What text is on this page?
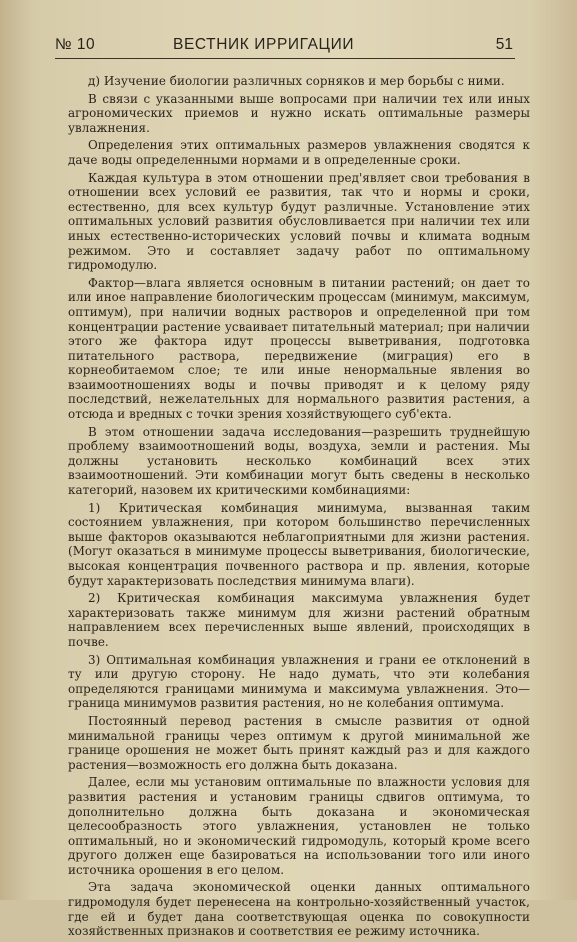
№ 10	ВЕСТНИК ИРРИГАЦИИ	51

д) Изучение биологии различных сорняков и мер борьбы с ними.

В связи с указанными выше вопросами при наличии тех или иных агрономических приемов и нужно искать оптимальные размеры увлажнения.

Определения этих оптимальных размеров увлажнения сводятся к даче воды определенными нормами и в определенные сроки.

Каждая культура в этом отношении пред'являет свои требования в отношении всех условий ее развития, так что и нормы и сроки, естественно, для всех культур будут различные. Установление этих оптимальных условий развития обусловливается при наличии тех или иных естественно-исторических условий почвы и климата водным режимом. Это и составляет задачу работ по оптимальному гидромодулю.

Фактор—влага является основным в питании растений; он дает то или иное направление биологическим процессам (минимум, максимум, оптимум), при наличии водных растворов и определенной при том концентрации растение усваивает питательный материал; при наличии этого же фактора идут процессы выветривания, подготовка питательного раствора, передвижение (миграция) его в корнеобитаемом слое; те или иные ненормальные явления во взаимоотношениях воды и почвы приводят и к целому ряду последствий, нежелательных для нормального развития растения, а отсюда и вредных с точки зрения хозяйствующего суб'екта.

В этом отношении задача исследования—разрешить труднейшую проблему взаимоотношений воды, воздуха, земли и растения. Мы должны установить несколько комбинаций всех этих взаимоотношений. Эти комбинации могут быть сведены в несколько категорий, назовем их критическими комбинациями:

1) Критическая комбинация минимума, вызванная таким состоянием увлажнения, при котором большинство перечисленных выше факторов оказываются неблагоприятными для жизни растения. (Могут оказаться в минимуме процессы выветривания, биологические, высокая концентрация почвенного раствора и пр. явления, которые будут характеризовать последствия минимума влаги).

2) Критическая комбинация максимума увлажнения будет характеризовать также минимум для жизни растений обратным направлением всех перечисленных выше явлений, происходящих в почве.

3) Оптимальная комбинация увлажнения и грани ее отклонений в ту или другую сторону. Не надо думать, что эти колебания определяются границами минимума и максимума увлажнения. Это—граница минимумов развития растения, но не колебания оптимума.

Постоянный перевод растения в смысле развития от одной минимальной границы через оптимум к другой минимальной же границе орошения не может быть принят каждый раз и для каждого растения—возможность его должна быть доказана.

Далее, если мы установим оптимальные по влажности условия для развития растения и установим границы сдвигов оптимума, то дополнительно должна быть доказана и экономическая целесообразность этого увлажнения, установлен не только оптимальный, но и экономический гидромодуль, который кроме всего другого должен еще базироваться на использовании того или иного источника орошения в его целом.

Эта задача экономической оценки данных оптимального гидромодуля будет перенесена на контрольно-хозяйственный участок, где ей и будет дана соответствующая оценка по совокупности хозяйственных признаков и соответствия ее режиму источника.
